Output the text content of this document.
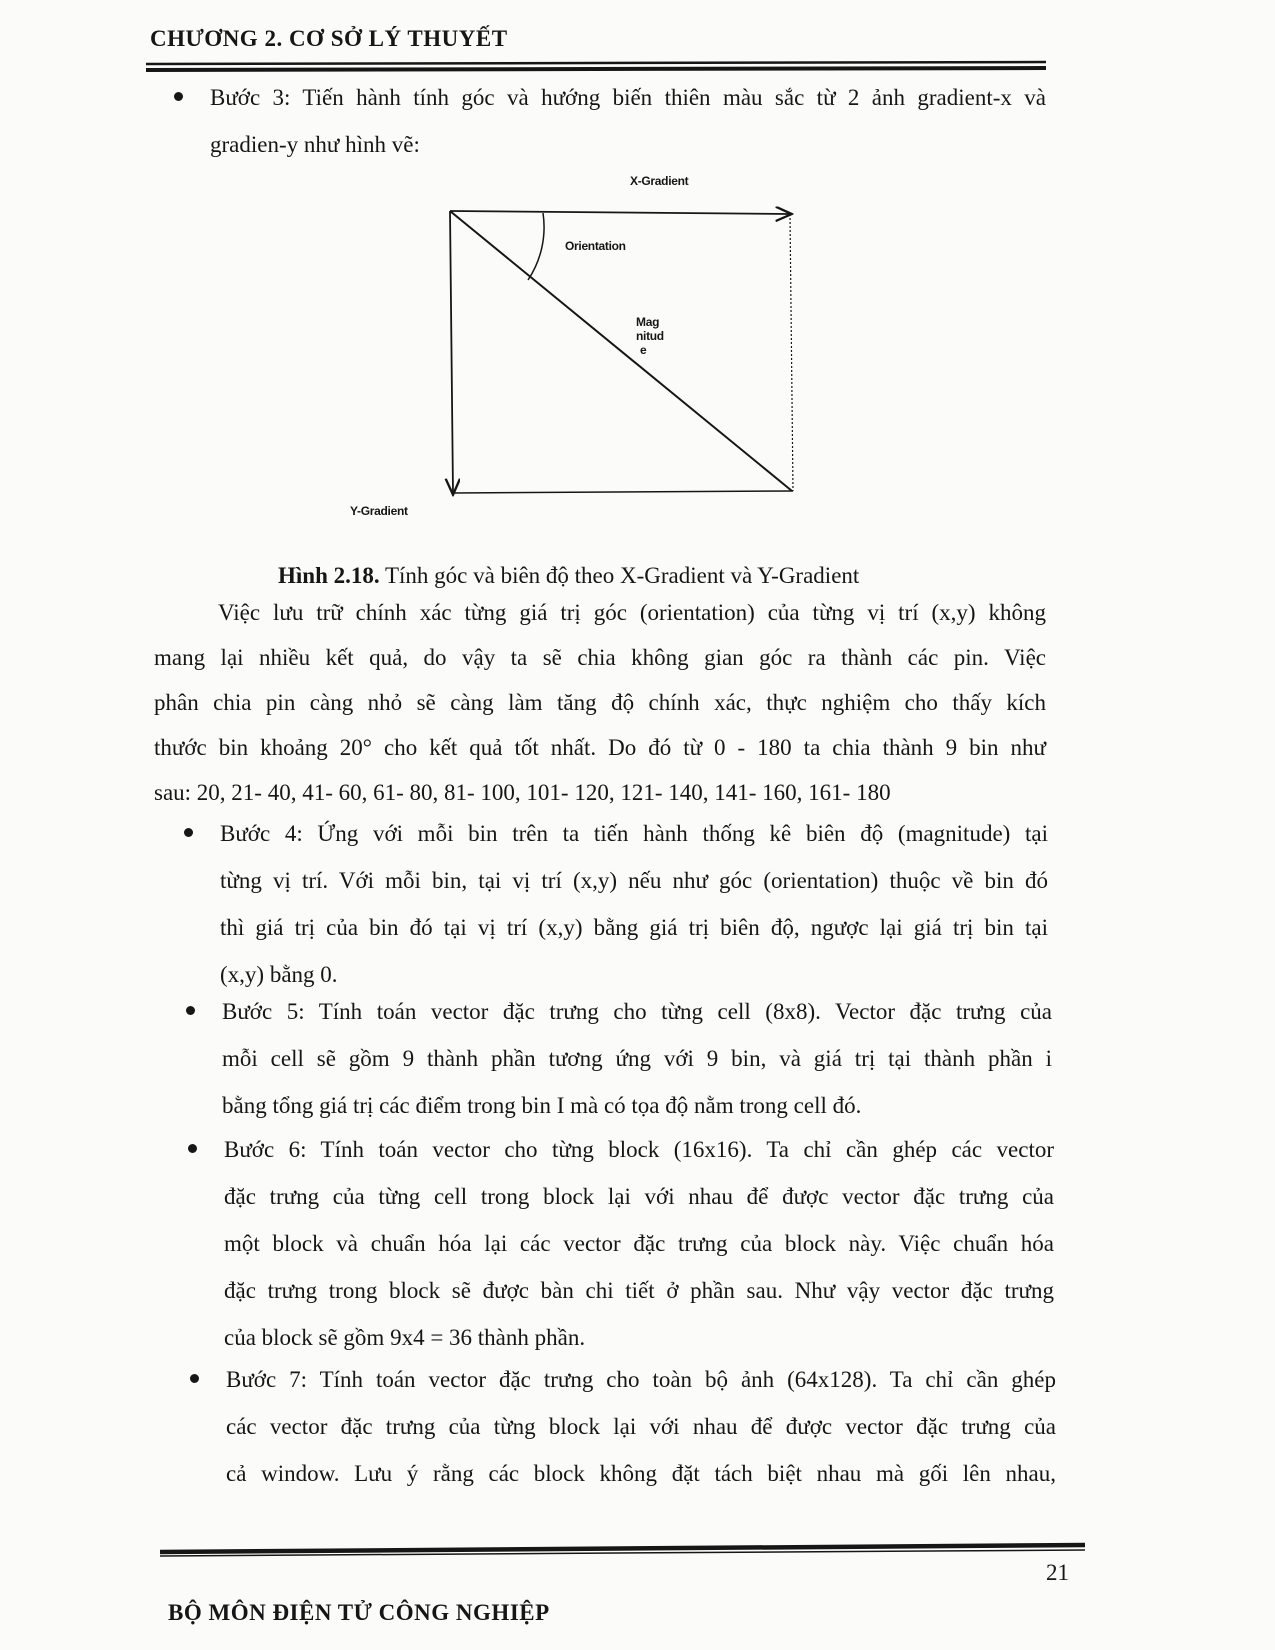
CHƯƠNG 2. CƠ SỞ LÝ THUYẾT
Bước 3: Tiến hành tính góc và hướng biến thiên màu sắc từ 2 ảnh gradient-x và
gradien-y như hình vẽ:
X-Gradient
Y-Gradient
Orientation
Mag
nitud
e
Hình 2.18. Tính góc và biên độ theo X-Gradient và Y-Gradient
Việc lưu trữ chính xác từng giá trị góc (orientation) của từng vị trí (x,y) không
mang lại nhiều kết quả, do vậy ta sẽ chia không gian góc ra thành các pin. Việc
phân chia pin càng nhỏ sẽ càng làm tăng độ chính xác, thực nghiệm cho thấy kích
thước bin khoảng 20° cho kết quả tốt nhất. Do đó từ 0 - 180 ta chia thành 9 bin như
sau: 20, 21- 40, 41- 60, 61- 80, 81- 100, 101- 120, 121- 140, 141- 160, 161- 180
Bước 4: Ứng với mỗi bin trên ta tiến hành thống kê biên độ (magnitude) tại
từng vị trí. Với mỗi bin, tại vị trí (x,y) nếu như góc (orientation) thuộc về bin đó
thì giá trị của bin đó tại vị trí (x,y) bằng giá trị biên độ, ngược lại giá trị bin tại
(x,y) bằng 0.
Bước 5: Tính toán vector đặc trưng cho từng cell (8x8). Vector đặc trưng của
mỗi cell sẽ gồm 9 thành phần tương ứng với 9 bin, và giá trị tại thành phần i
bằng tổng giá trị các điểm trong bin I mà có tọa độ nằm trong cell đó.
Bước 6: Tính toán vector cho từng block (16x16). Ta chỉ cần ghép các vector
đặc trưng của từng cell trong block lại với nhau để được vector đặc trưng của
một block và chuẩn hóa lại các vector đặc trưng của block này. Việc chuẩn hóa
đặc trưng trong block sẽ được bàn chi tiết ở phần sau. Như vậy vector đặc trưng
của block sẽ gồm 9x4 = 36 thành phần.
Bước 7: Tính toán vector đặc trưng cho toàn bộ ảnh (64x128). Ta chỉ cần ghép
các vector đặc trưng của từng block lại với nhau để được vector đặc trưng của
cả window. Lưu ý rằng các block không đặt tách biệt nhau mà gối lên nhau,
21
BỘ MÔN ĐIỆN TỬ CÔNG NGHIỆP
